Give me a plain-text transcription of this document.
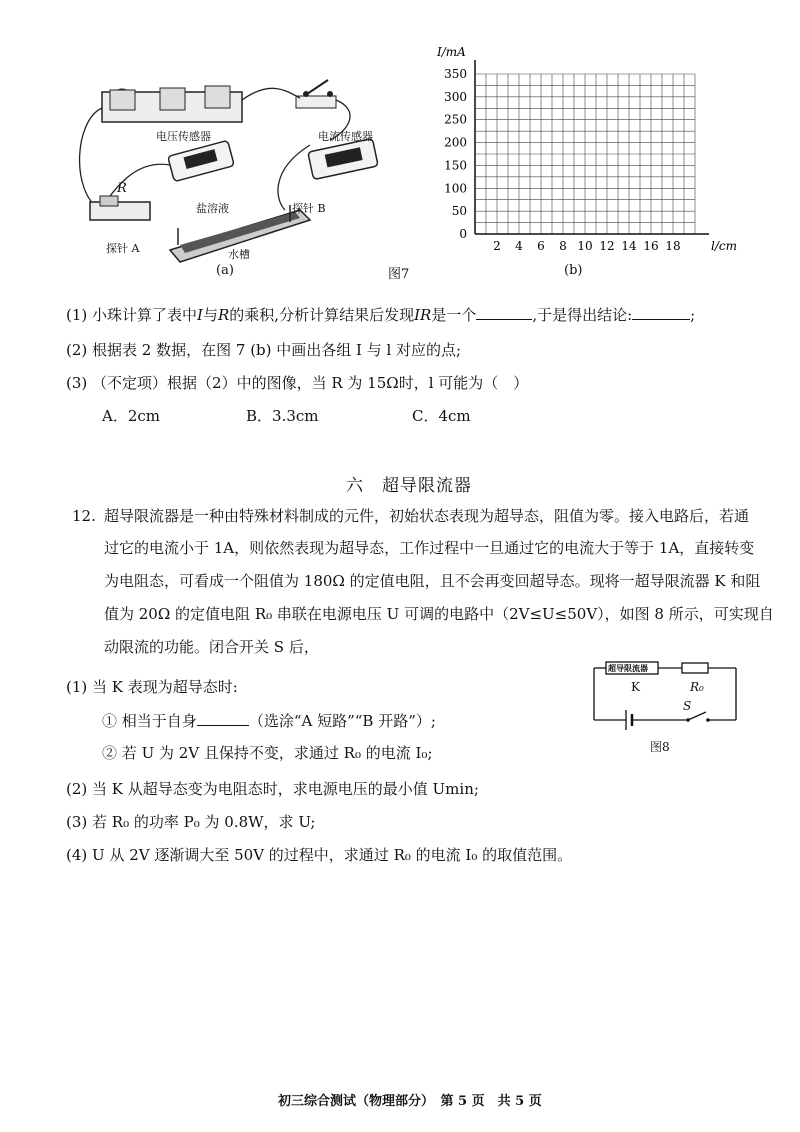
电压传感器	电流传感器
R
盐溶液	探针 B
探针 A	水槽
(a)	图7	(b)
2 4 6 8 10 12 14 16 18
0
50
100
150
200
250
300
350
l/cm
I/mA
(1) 小珠计算了表中I与R的乘积,分析计算结果后发现IR是一个	,于是得出结论:	;
(2) 根据表 2 数据，在图 7 (b) 中画出各组 I 与 l 对应的点;
(3) （不定项）根据（2）中的图像，当 R 为 15Ω时，l 可能为（　）
A．2cm	B．3.3cm	C．4cm
六　超导限流器
12. 超导限流器是一种由特殊材料制成的元件，初始状态表现为超导态，阻值为零。接入电路后，若通
过它的电流小于 1A，则依然表现为超导态，工作过程中一旦通过它的电流大于等于 1A，直接转变
为电阻态，可看成一个阻值为 180Ω 的定值电阻，且不会再变回超导态。现将一超导限流器 K 和阻
值为 20Ω 的定值电阻 R₀ 串联在电源电压 U 可调的电路中（2V≤U≤50V），如图 8 所示，可实现自
动限流的功能。闭合开关 S 后，
(1) 当 K 表现为超导态时:
① 相当于自身	（选涂“A 短路”“B 开路”）;
② 若 U 为 2V 且保持不变，求通过 R₀ 的电流 I₀;
(2) 当 K 从超导态变为电阻态时，求电源电压的最小值 Umin;
(3) 若 R₀ 的功率 P₀ 为 0.8W，求 U;
(4) U 从 2V 逐渐调大至 50V 的过程中，求通过 R₀ 的电流 I₀ 的取值范围。
超导限流器
K	R₀
S
图8
初三综合测试（物理部分）　第 5 页　共 5 页
